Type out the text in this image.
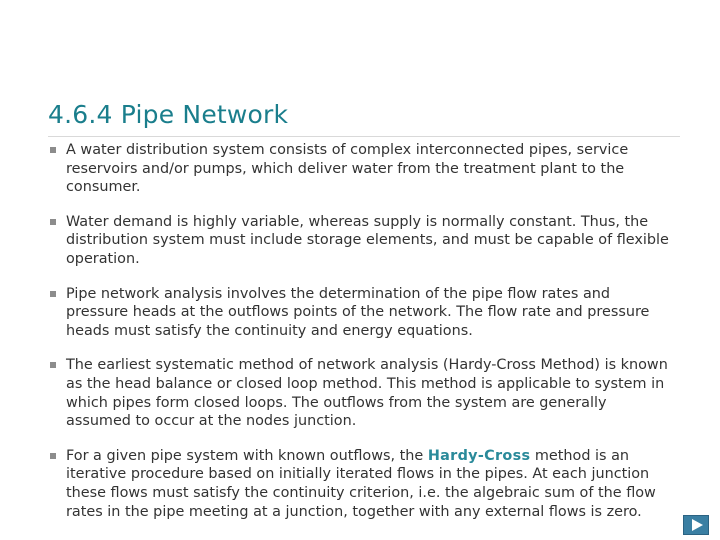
4.6.4 Pipe Network
A water distribution system consists of complex interconnected pipes, service reservoirs and/or pumps, which deliver water from the treatment plant to the consumer.
Water demand is highly variable, whereas supply is normally constant. Thus, the distribution system must include storage elements, and must be capable of flexible operation.
Pipe network analysis involves the determination of the pipe flow rates and pressure heads at the outflows points of the network. The flow rate and pressure heads must satisfy the continuity and energy equations.
The earliest systematic method of network analysis (Hardy-Cross Method) is known as the head balance or closed loop method. This method is applicable to system in which pipes form closed loops. The outflows from the system are generally assumed to occur at the nodes junction.
For a given pipe system with known outflows, the Hardy-Cross method is an iterative procedure based on initially iterated flows in the pipes. At each junction these flows must satisfy the continuity criterion, i.e. the algebraic sum of the flow rates in the pipe meeting at a junction, together with any external flows is zero.
